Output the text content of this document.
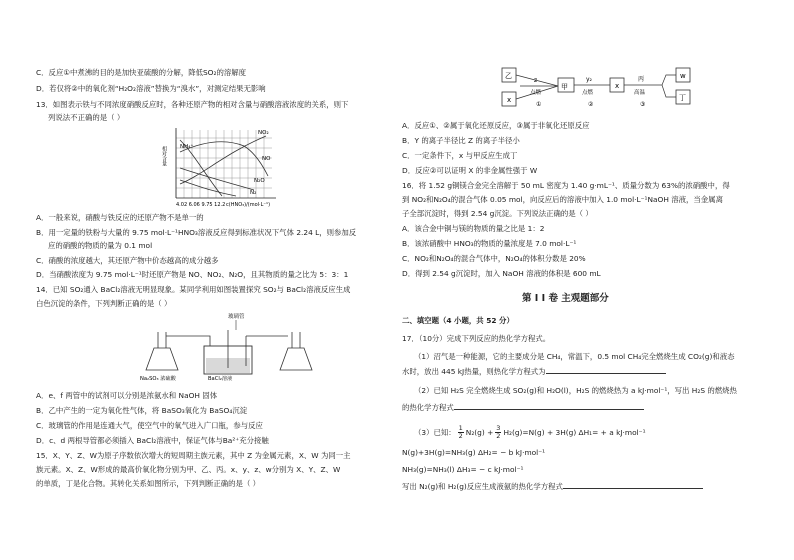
C．反应①中煮沸的目的是加快亚硫酸的分解，降低SO₂的溶解度
D．若仅将②中的氧化剂“H₂O₂溶液”替换为“溴水”，对测定结果无影响
13．如图表示铁与不同浓度硝酸反应时，各种还原产物的相对含量与硝酸溶液浓度的关系，则下
列说法不正确的是（ ）
相对含量
NO₂
NO
NH₄⁺
N₂O
N₂
4.02 6.06 9.75 12.2 c(HNO₃)/(mol·L⁻¹)
A．一般来说，硝酸与铁反应的还原产物不是单一的
B．用一定量的铁粉与大量的 9.75 mol·L⁻¹HNO₃溶液反应得到标准状况下气体 2.24 L，则参加反
应的硝酸的物质的量为 0.1 mol
C．硝酸的浓度越大，其还原产物中价态越高的成分越多
D．当硝酸浓度为 9.75 mol·L⁻¹时还原产物是 NO、NO₂、N₂O，且其物质的量之比为 5：3：1
14．已知 SO₂通入 BaCl₂溶液无明显现象。某同学利用如图装置探究 SO₂与 BaCl₂溶液反应生成
白色沉淀的条件，下列判断正确的是（ ）
玻璃管
Na₂SO₃ 浓硫酸	BaCl₂溶液
A．e、f 两管中的试剂可以分别是浓氨水和 NaOH 固体
B．乙中产生的一定为氧化性气体，将 BaSO₃氧化为 BaSO₄沉淀
C．玻璃管的作用是连通大气，使空气中的氧气进入广口瓶，参与反应
D．c、d 两根导管都必须插入 BaCl₂溶液中，保证气体与Ba²⁺充分接触
15．X、Y、Z、W为原子序数依次增大的短周期主族元素，其中 Z 为金属元素，X、W 为同一主
族元素。X、Z、W形成的最高价氧化物分别为甲、乙、丙。x、y、z、w分别为 X、Y、Z、W
的单质，丁是化合物。其转化关系如图所示，下列判断正确的是（ ）
乙
x
z
点燃
①
甲
y₂
点燃
②
x
丙
高温
③
w
丁
A．反应①、②属于氧化还原反应，③属于非氧化还原反应
B．Y 的离子半径比 Z 的离子半径小
C．一定条件下，x 与甲反应生成丁
D．反应②可以证明 X 的非金属性强于 W
16．将 1.52 g铜镁合金完全溶解于 50 mL 密度为 1.40 g·mL⁻¹、质量分数为 63%的浓硝酸中，得
到 NO₂和N₂O₄的混合气体 0.05 mol，向反应后的溶液中加入 1.0 mol·L⁻¹NaOH 溶液，当金属离
子全部沉淀时，得到 2.54 g沉淀。下列说法正确的是（ ）
A．该合金中铜与镁的物质的量之比是 1：2
B．该浓硝酸中 HNO₃的物质的量浓度是 7.0 mol·L⁻¹
C．NO₂和N₂O₄的混合气体中，N₂O₄的体积分数是 20%
D．得到 2.54 g沉淀时，加入 NaOH 溶液的体积是 600 mL
第 I I 卷 主观题部分
二、填空题（4 小题，共 52 分）
17．（10分）完成下列反应的热化学方程式。
（1）沼气是一种能源，它的主要成分是 CH₄，常温下，0.5 mol CH₄完全燃烧生成 CO₂(g)和液态
水时，放出 445 kJ热量，则热化学方程式为
（2）已知 H₂S 完全燃烧生成 SO₂(g)和 H₂O(l)，H₂S 的燃烧热为 a kJ·mol⁻¹，写出 H₂S 的燃烧热
的热化学方程式
（3）已知： $\frac{1}{2} N_2(g) + \frac{3}{2} H_2(g)=N(g) + 3H(g) \Delta H_1= + a$ kJ·mol⁻¹
N(g)+3H(g)=NH₃(g) ΔH₂= − b kJ·mol⁻¹
NH₃(g)=NH₃(l) ΔH₃= − c kJ·mol⁻¹
写出 N₂(g)和 H₂(g)反应生成液氨的热化学方程式
